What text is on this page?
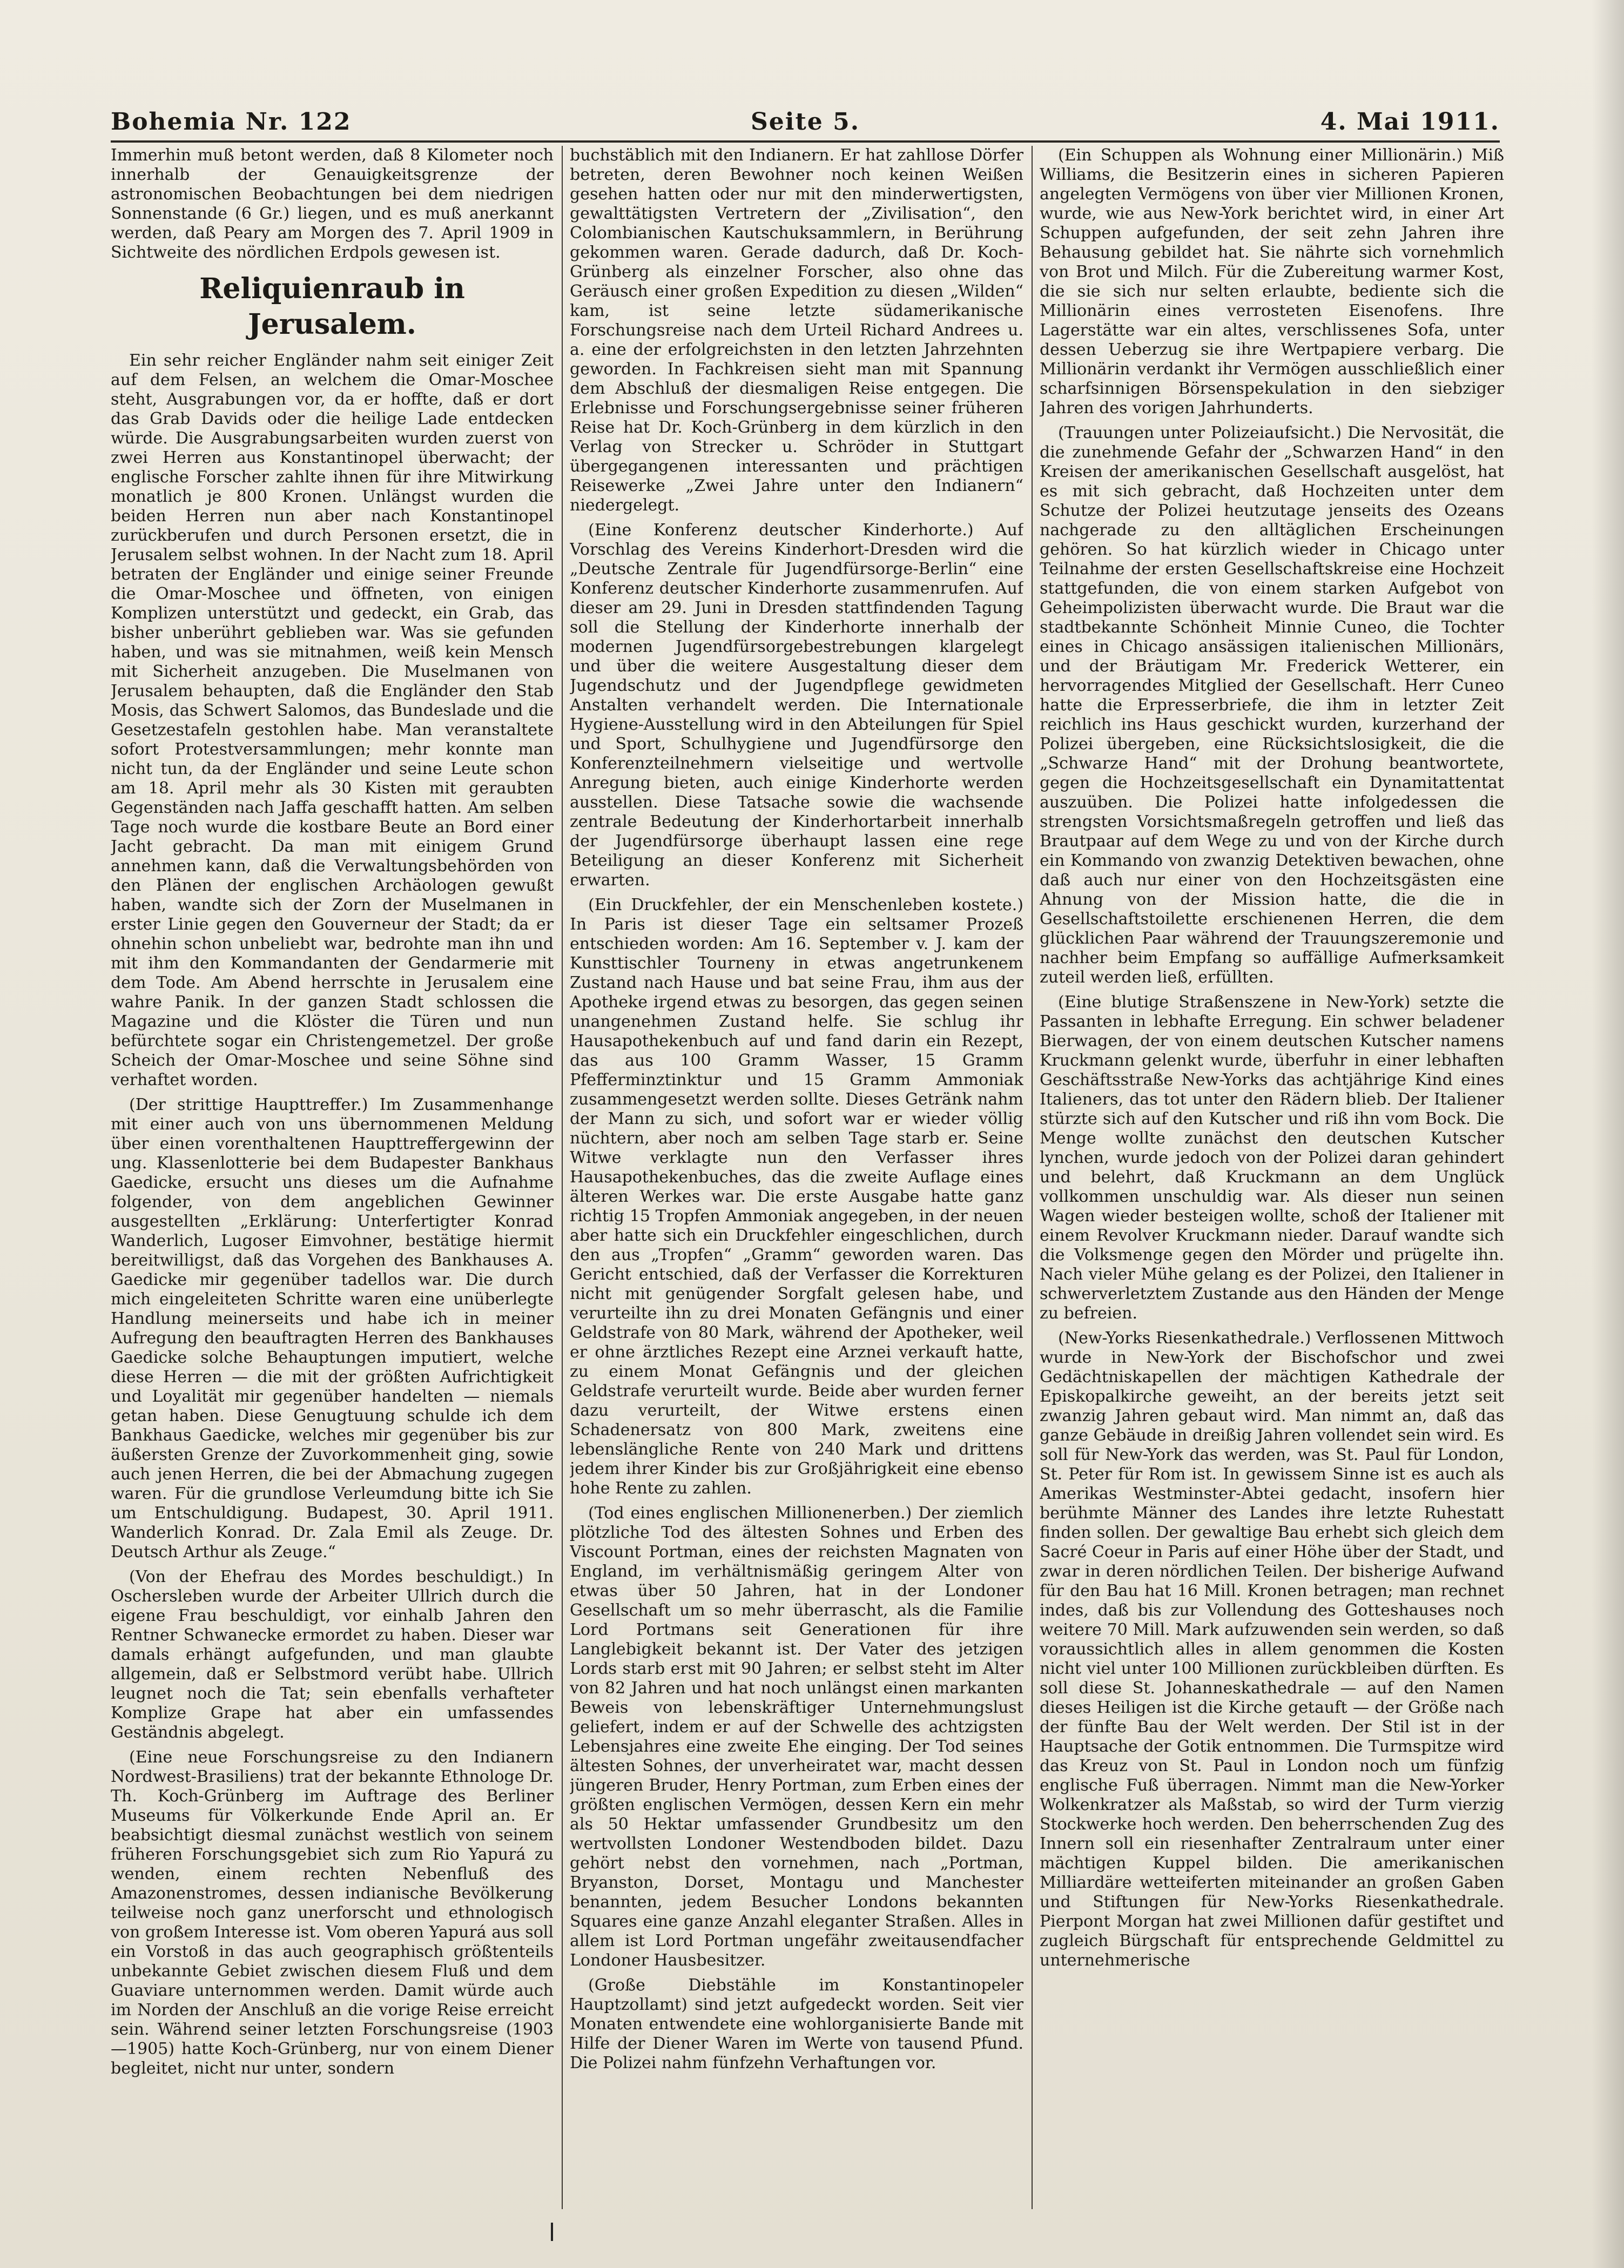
Bohemia Nr. 122	Seite 5.	4. Mai 1911.

Immerhin muß betont werden, daß 8 Kilometer noch innerhalb der Genauigkeitsgrenze der astronomischen Beobachtungen bei dem niedrigen Sonnenstande (6 Gr.) liegen, und es muß anerkannt werden, daß Peary am Morgen des 7. April 1909 in Sichtweite des nördlichen Erdpols gewesen ist.

Reliquienraub in Jerusalem.

Ein sehr reicher Engländer nahm seit einiger Zeit auf dem Felsen, an welchem die Omar-Moschee steht, Ausgrabungen vor, da er hoffte, daß er dort das Grab Davids oder die heilige Lade entdecken würde. Die Ausgrabungsarbeiten wurden zuerst von zwei Herren aus Konstantinopel überwacht; der englische Forscher zahlte ihnen für ihre Mitwirkung monatlich je 800 Kronen. Unlängst wurden die beiden Herren nun aber nach Konstantinopel zurückberufen und durch Personen ersetzt, die in Jerusalem selbst wohnen. In der Nacht zum 18. April betraten der Engländer und einige seiner Freunde die Omar-Moschee und öffneten, von einigen Komplizen unterstützt und gedeckt, ein Grab, das bisher unberührt geblieben war. Was sie gefunden haben, und was sie mitnahmen, weiß kein Mensch mit Sicherheit anzugeben. Die Muselmanen von Jerusalem behaupten, daß die Engländer den Stab Mosis, das Schwert Salomos, das Bundeslade und die Gesetzestafeln gestohlen habe. Man veranstaltete sofort Protestversammlungen; mehr konnte man nicht tun, da der Engländer und seine Leute schon am 18. April mehr als 30 Kisten mit geraubten Gegenständen nach Jaffa geschafft hatten. Am selben Tage noch wurde die kostbare Beute an Bord einer Jacht gebracht. Da man mit einigem Grund annehmen kann, daß die Verwaltungsbehörden von den Plänen der englischen Archäologen gewußt haben, wandte sich der Zorn der Muselmanen in erster Linie gegen den Gouverneur der Stadt; da er ohnehin schon unbeliebt war, bedrohte man ihn und mit ihm den Kommandanten der Gendarmerie mit dem Tode. Am Abend herrschte in Jerusalem eine wahre Panik. In der ganzen Stadt schlossen die Magazine und die Klöster die Türen und nun befürchtete sogar ein Christengemetzel. Der große Scheich der Omar-Moschee und seine Söhne sind verhaftet worden.

(Der strittige Haupttreffer.) Im Zusammenhange mit einer auch von uns übernommenen Meldung über einen vorenthaltenen Haupttreffergewinn der ung. Klassenlotterie bei dem Budapester Bankhaus Gaedicke, ersucht uns dieses um die Aufnahme folgender, von dem angeblichen Gewinner ausgestellten „Erklärung: Unterfertigter Konrad Wanderlich, Lugoser Eimvohner, bestätige hiermit bereitwilligst, daß das Vorgehen des Bankhauses A. Gaedicke mir gegenüber tadellos war. Die durch mich eingeleiteten Schritte waren eine unüberlegte Handlung meinerseits und habe ich in meiner Aufregung den beauftragten Herren des Bankhauses Gaedicke solche Behauptungen imputiert, welche diese Herren — die mit der größten Aufrichtigkeit und Loyalität mir gegenüber handelten — niemals getan haben. Diese Genugtuung schulde ich dem Bankhaus Gaedicke, welches mir gegenüber bis zur äußersten Grenze der Zuvorkommenheit ging, sowie auch jenen Herren, die bei der Abmachung zugegen waren. Für die grundlose Verleumdung bitte ich Sie um Entschuldigung. Budapest, 30. April 1911. Wanderlich Konrad. Dr. Zala Emil als Zeuge. Dr. Deutsch Arthur als Zeuge.“

(Von der Ehefrau des Mordes beschuldigt.) In Oschersleben wurde der Arbeiter Ullrich durch die eigene Frau beschuldigt, vor einhalb Jahren den Rentner Schwanecke ermordet zu haben. Dieser war damals erhängt aufgefunden, und man glaubte allgemein, daß er Selbstmord verübt habe. Ullrich leugnet noch die Tat; sein ebenfalls verhafteter Komplize Grape hat aber ein umfassendes Geständnis abgelegt.

(Eine neue Forschungsreise zu den Indianern Nordwest-Brasiliens) trat der bekannte Ethnologe Dr. Th. Koch-Grünberg im Auftrage des Berliner Museums für Völkerkunde Ende April an. Er beabsichtigt diesmal zunächst westlich von seinem früheren Forschungsgebiet sich zum Rio Yapurá zu wenden, einem rechten Nebenfluß des Amazonenstromes, dessen indianische Bevölkerung teilweise noch ganz unerforscht und ethnologisch von großem Interesse ist. Vom oberen Yapurá aus soll ein Vorstoß in das auch geographisch größtenteils unbekannte Gebiet zwischen diesem Fluß und dem Guaviare unternommen werden. Damit würde auch im Norden der Anschluß an die vorige Reise erreicht sein. Während seiner letzten Forschungsreise (1903—1905) hatte Koch-Grünberg, nur von einem Diener begleitet, nicht nur unter, sondern

buchstäblich mit den Indianern. Er hat zahllose Dörfer betreten, deren Bewohner noch keinen Weißen gesehen hatten oder nur mit den minderwertigsten, gewalttätigsten Vertretern der „Zivilisation“, den Colombianischen Kautschuksammlern, in Berührung gekommen waren. Gerade dadurch, daß Dr. Koch-Grünberg als einzelner Forscher, also ohne das Geräusch einer großen Expedition zu diesen „Wilden“ kam, ist seine letzte südamerikanische Forschungsreise nach dem Urteil Richard Andrees u. a. eine der erfolgreichsten in den letzten Jahrzehnten geworden. In Fachkreisen sieht man mit Spannung dem Abschluß der diesmaligen Reise entgegen. Die Erlebnisse und Forschungsergebnisse seiner früheren Reise hat Dr. Koch-Grünberg in dem kürzlich in den Verlag von Strecker u. Schröder in Stuttgart übergegangenen interessanten und prächtigen Reisewerke „Zwei Jahre unter den Indianern“ niedergelegt.

(Eine Konferenz deutscher Kinderhorte.) Auf Vorschlag des Vereins Kinderhort-Dresden wird die „Deutsche Zentrale für Jugendfürsorge-Berlin“ eine Konferenz deutscher Kinderhorte zusammenrufen. Auf dieser am 29. Juni in Dresden stattfindenden Tagung soll die Stellung der Kinderhorte innerhalb der modernen Jugendfürsorgebestrebungen klargelegt und über die weitere Ausgestaltung dieser dem Jugendschutz und der Jugendpflege gewidmeten Anstalten verhandelt werden. Die Internationale Hygiene-Ausstellung wird in den Abteilungen für Spiel und Sport, Schulhygiene und Jugendfürsorge den Konferenzteilnehmern vielseitige und wertvolle Anregung bieten, auch einige Kinderhorte werden ausstellen. Diese Tatsache sowie die wachsende zentrale Bedeutung der Kinderhortarbeit innerhalb der Jugendfürsorge überhaupt lassen eine rege Beteiligung an dieser Konferenz mit Sicherheit erwarten.

(Ein Druckfehler, der ein Menschenleben kostete.) In Paris ist dieser Tage ein seltsamer Prozeß entschieden worden: Am 16. September v. J. kam der Kunsttischler Tourneny in etwas angetrunkenem Zustand nach Hause und bat seine Frau, ihm aus der Apotheke irgend etwas zu besorgen, das gegen seinen unangenehmen Zustand helfe. Sie schlug ihr Hausapothekenbuch auf und fand darin ein Rezept, das aus 100 Gramm Wasser, 15 Gramm Pfefferminztinktur und 15 Gramm Ammoniak zusammengesetzt werden sollte. Dieses Getränk nahm der Mann zu sich, und sofort war er wieder völlig nüchtern, aber noch am selben Tage starb er. Seine Witwe verklagte nun den Verfasser ihres Hausapothekenbuches, das die zweite Auflage eines älteren Werkes war. Die erste Ausgabe hatte ganz richtig 15 Tropfen Ammoniak angegeben, in der neuen aber hatte sich ein Druckfehler eingeschlichen, durch den aus „Tropfen“ „Gramm“ geworden waren. Das Gericht entschied, daß der Verfasser die Korrekturen nicht mit genügender Sorgfalt gelesen habe, und verurteilte ihn zu drei Monaten Gefängnis und einer Geldstrafe von 80 Mark, während der Apotheker, weil er ohne ärztliches Rezept eine Arznei verkauft hatte, zu einem Monat Gefängnis und der gleichen Geldstrafe verurteilt wurde. Beide aber wurden ferner dazu verurteilt, der Witwe erstens einen Schadenersatz von 800 Mark, zweitens eine lebenslängliche Rente von 240 Mark und drittens jedem ihrer Kinder bis zur Großjährigkeit eine ebenso hohe Rente zu zahlen.

(Tod eines englischen Millionenerben.) Der ziemlich plötzliche Tod des ältesten Sohnes und Erben des Viscount Portman, eines der reichsten Magnaten von England, im verhältnismäßig geringem Alter von etwas über 50 Jahren, hat in der Londoner Gesellschaft um so mehr überrascht, als die Familie Lord Portmans seit Generationen für ihre Langlebigkeit bekannt ist. Der Vater des jetzigen Lords starb erst mit 90 Jahren; er selbst steht im Alter von 82 Jahren und hat noch unlängst einen markanten Beweis von lebenskräftiger Unternehmungslust geliefert, indem er auf der Schwelle des achtzigsten Lebensjahres eine zweite Ehe einging. Der Tod seines ältesten Sohnes, der unverheiratet war, macht dessen jüngeren Bruder, Henry Portman, zum Erben eines der größten englischen Vermögen, dessen Kern ein mehr als 50 Hektar umfassender Grundbesitz um den wertvollsten Londoner Westendboden bildet. Dazu gehört nebst den vornehmen, nach „Portman, Bryanston, Dorset, Montagu und Manchester benannten, jedem Besucher Londons bekannten Squares eine ganze Anzahl eleganter Straßen. Alles in allem ist Lord Portman ungefähr zweitausendfacher Londoner Hausbesitzer.

(Große Diebstähle im Konstantinopeler Hauptzollamt) sind jetzt aufgedeckt worden. Seit vier Monaten entwendete eine wohlorganisierte Bande mit Hilfe der Diener Waren im Werte von tausend Pfund. Die Polizei nahm fünfzehn Verhaftungen vor.

(Ein Schuppen als Wohnung einer Millionärin.) Miß Williams, die Besitzerin eines in sicheren Papieren angelegten Vermögens von über vier Millionen Kronen, wurde, wie aus New-York berichtet wird, in einer Art Schuppen aufgefunden, der seit zehn Jahren ihre Behausung gebildet hat. Sie nährte sich vornehmlich von Brot und Milch. Für die Zubereitung warmer Kost, die sie sich nur selten erlaubte, bediente sich die Millionärin eines verrosteten Eisenofens. Ihre Lagerstätte war ein altes, verschlissenes Sofa, unter dessen Ueberzug sie ihre Wertpapiere verbarg. Die Millionärin verdankt ihr Vermögen ausschließlich einer scharfsinnigen Börsenspekulation in den siebziger Jahren des vorigen Jahrhunderts.

(Trauungen unter Polizeiaufsicht.) Die Nervosität, die die zunehmende Gefahr der „Schwarzen Hand“ in den Kreisen der amerikanischen Gesellschaft ausgelöst, hat es mit sich gebracht, daß Hochzeiten unter dem Schutze der Polizei heutzutage jenseits des Ozeans nachgerade zu den alltäglichen Erscheinungen gehören. So hat kürzlich wieder in Chicago unter Teilnahme der ersten Gesellschaftskreise eine Hochzeit stattgefunden, die von einem starken Aufgebot von Geheimpolizisten überwacht wurde. Die Braut war die stadtbekannte Schönheit Minnie Cuneo, die Tochter eines in Chicago ansässigen italienischen Millionärs, und der Bräutigam Mr. Frederick Wetterer, ein hervorragendes Mitglied der Gesellschaft. Herr Cuneo hatte die Erpresserbriefe, die ihm in letzter Zeit reichlich ins Haus geschickt wurden, kurzerhand der Polizei übergeben, eine Rücksichtslosigkeit, die die „Schwarze Hand“ mit der Drohung beantwortete, gegen die Hochzeitsgesellschaft ein Dynamitattentat auszuüben. Die Polizei hatte infolgedessen die strengsten Vorsichtsmaßregeln getroffen und ließ das Brautpaar auf dem Wege zu und von der Kirche durch ein Kommando von zwanzig Detektiven bewachen, ohne daß auch nur einer von den Hochzeitsgästen eine Ahnung von der Mission hatte, die die in Gesellschaftstoilette erschienenen Herren, die dem glücklichen Paar während der Trauungszeremonie und nachher beim Empfang so auffällige Aufmerksamkeit zuteil werden ließ, erfüllten.

(Eine blutige Straßenszene in New-York) setzte die Passanten in lebhafte Erregung. Ein schwer beladener Bierwagen, der von einem deutschen Kutscher namens Kruckmann gelenkt wurde, überfuhr in einer lebhaften Geschäftsstraße New-Yorks das achtjährige Kind eines Italieners, das tot unter den Rädern blieb. Der Italiener stürzte sich auf den Kutscher und riß ihn vom Bock. Die Menge wollte zunächst den deutschen Kutscher lynchen, wurde jedoch von der Polizei daran gehindert und belehrt, daß Kruckmann an dem Unglück vollkommen unschuldig war. Als dieser nun seinen Wagen wieder besteigen wollte, schoß der Italiener mit einem Revolver Kruckmann nieder. Darauf wandte sich die Volksmenge gegen den Mörder und prügelte ihn. Nach vieler Mühe gelang es der Polizei, den Italiener in schwerverletztem Zustande aus den Händen der Menge zu befreien.

(New-Yorks Riesenkathedrale.) Verflossenen Mittwoch wurde in New-York der Bischofschor und zwei Gedächtniskapellen der mächtigen Kathedrale der Episkopalkirche geweiht, an der bereits jetzt seit zwanzig Jahren gebaut wird. Man nimmt an, daß das ganze Gebäude in dreißig Jahren vollendet sein wird. Es soll für New-York das werden, was St. Paul für London, St. Peter für Rom ist. In gewissem Sinne ist es auch als Amerikas Westminster-Abtei gedacht, insofern hier berühmte Männer des Landes ihre letzte Ruhestatt finden sollen. Der gewaltige Bau erhebt sich gleich dem Sacré Coeur in Paris auf einer Höhe über der Stadt, und zwar in deren nördlichen Teilen. Der bisherige Aufwand für den Bau hat 16 Mill. Kronen betragen; man rechnet indes, daß bis zur Vollendung des Gotteshauses noch weitere 70 Mill. Mark aufzuwenden sein werden, so daß voraussichtlich alles in allem genommen die Kosten nicht viel unter 100 Millionen zurückbleiben dürften. Es soll diese St. Johanneskathedrale — auf den Namen dieses Heiligen ist die Kirche getauft — der Größe nach der fünfte Bau der Welt werden. Der Stil ist in der Hauptsache der Gotik entnommen. Die Turmspitze wird das Kreuz von St. Paul in London noch um fünfzig englische Fuß überragen. Nimmt man die New-Yorker Wolkenkratzer als Maßstab, so wird der Turm vierzig Stockwerke hoch werden. Den beherrschenden Zug des Innern soll ein riesenhafter Zentralraum unter einer mächtigen Kuppel bilden. Die amerikanischen Milliardäre wetteiferten miteinander an großen Gaben und Stiftungen für New-Yorks Riesenkathedrale. Pierpont Morgan hat zwei Millionen dafür gestiftet und zugleich Bürgschaft für entsprechende Geldmittel zu unternehmerische
